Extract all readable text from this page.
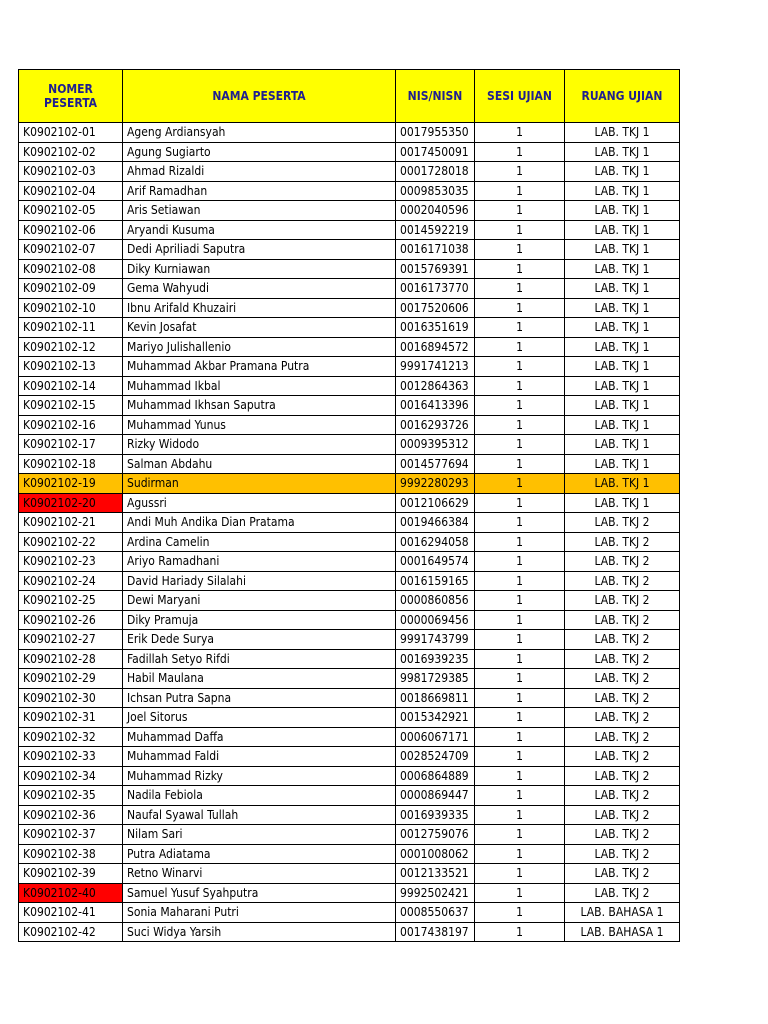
NOMER PESERTA	NAMA PESERTA	NIS/NISN	SESI UJIAN	RUANG UJIAN
K0902102-01	Ageng Ardiansyah	0017955350	1	LAB. TKJ 1
K0902102-02	Agung Sugiarto	0017450091	1	LAB. TKJ 1
K0902102-03	Ahmad Rizaldi	0001728018	1	LAB. TKJ 1
K0902102-04	Arif Ramadhan	0009853035	1	LAB. TKJ 1
K0902102-05	Aris Setiawan	0002040596	1	LAB. TKJ 1
K0902102-06	Aryandi Kusuma	0014592219	1	LAB. TKJ 1
K0902102-07	Dedi Apriliadi Saputra	0016171038	1	LAB. TKJ 1
K0902102-08	Diky Kurniawan	0015769391	1	LAB. TKJ 1
K0902102-09	Gema Wahyudi	0016173770	1	LAB. TKJ 1
K0902102-10	Ibnu Arifald Khuzairi	0017520606	1	LAB. TKJ 1
K0902102-11	Kevin Josafat	0016351619	1	LAB. TKJ 1
K0902102-12	Mariyo Julishallenio	0016894572	1	LAB. TKJ 1
K0902102-13	Muhammad Akbar Pramana Putra	9991741213	1	LAB. TKJ 1
K0902102-14	Muhammad Ikbal	0012864363	1	LAB. TKJ 1
K0902102-15	Muhammad Ikhsan Saputra	0016413396	1	LAB. TKJ 1
K0902102-16	Muhammad Yunus	0016293726	1	LAB. TKJ 1
K0902102-17	Rizky Widodo	0009395312	1	LAB. TKJ 1
K0902102-18	Salman Abdahu	0014577694	1	LAB. TKJ 1
K0902102-19	Sudirman	9992280293	1	LAB. TKJ 1
K0902102-20	Agussri	0012106629	1	LAB. TKJ 1
K0902102-21	Andi Muh Andika Dian Pratama	0019466384	1	LAB. TKJ 2
K0902102-22	Ardina Camelin	0016294058	1	LAB. TKJ 2
K0902102-23	Ariyo Ramadhani	0001649574	1	LAB. TKJ 2
K0902102-24	David Hariady Silalahi	0016159165	1	LAB. TKJ 2
K0902102-25	Dewi Maryani	0000860856	1	LAB. TKJ 2
K0902102-26	Diky Pramuja	0000069456	1	LAB. TKJ 2
K0902102-27	Erik Dede Surya	9991743799	1	LAB. TKJ 2
K0902102-28	Fadillah Setyo Rifdi	0016939235	1	LAB. TKJ 2
K0902102-29	Habil Maulana	9981729385	1	LAB. TKJ 2
K0902102-30	Ichsan Putra Sapna	0018669811	1	LAB. TKJ 2
K0902102-31	Joel Sitorus	0015342921	1	LAB. TKJ 2
K0902102-32	Muhammad Daffa	0006067171	1	LAB. TKJ 2
K0902102-33	Muhammad Faldi	0028524709	1	LAB. TKJ 2
K0902102-34	Muhammad Rizky	0006864889	1	LAB. TKJ 2
K0902102-35	Nadila Febiola	0000869447	1	LAB. TKJ 2
K0902102-36	Naufal Syawal Tullah	0016939335	1	LAB. TKJ 2
K0902102-37	Nilam Sari	0012759076	1	LAB. TKJ 2
K0902102-38	Putra Adiatama	0001008062	1	LAB. TKJ 2
K0902102-39	Retno Winarvi	0012133521	1	LAB. TKJ 2
K0902102-40	Samuel Yusuf Syahputra	9992502421	1	LAB. TKJ 2
K0902102-41	Sonia Maharani Putri	0008550637	1	LAB. BAHASA 1
K0902102-42	Suci Widya Yarsih	0017438197	1	LAB. BAHASA 1
